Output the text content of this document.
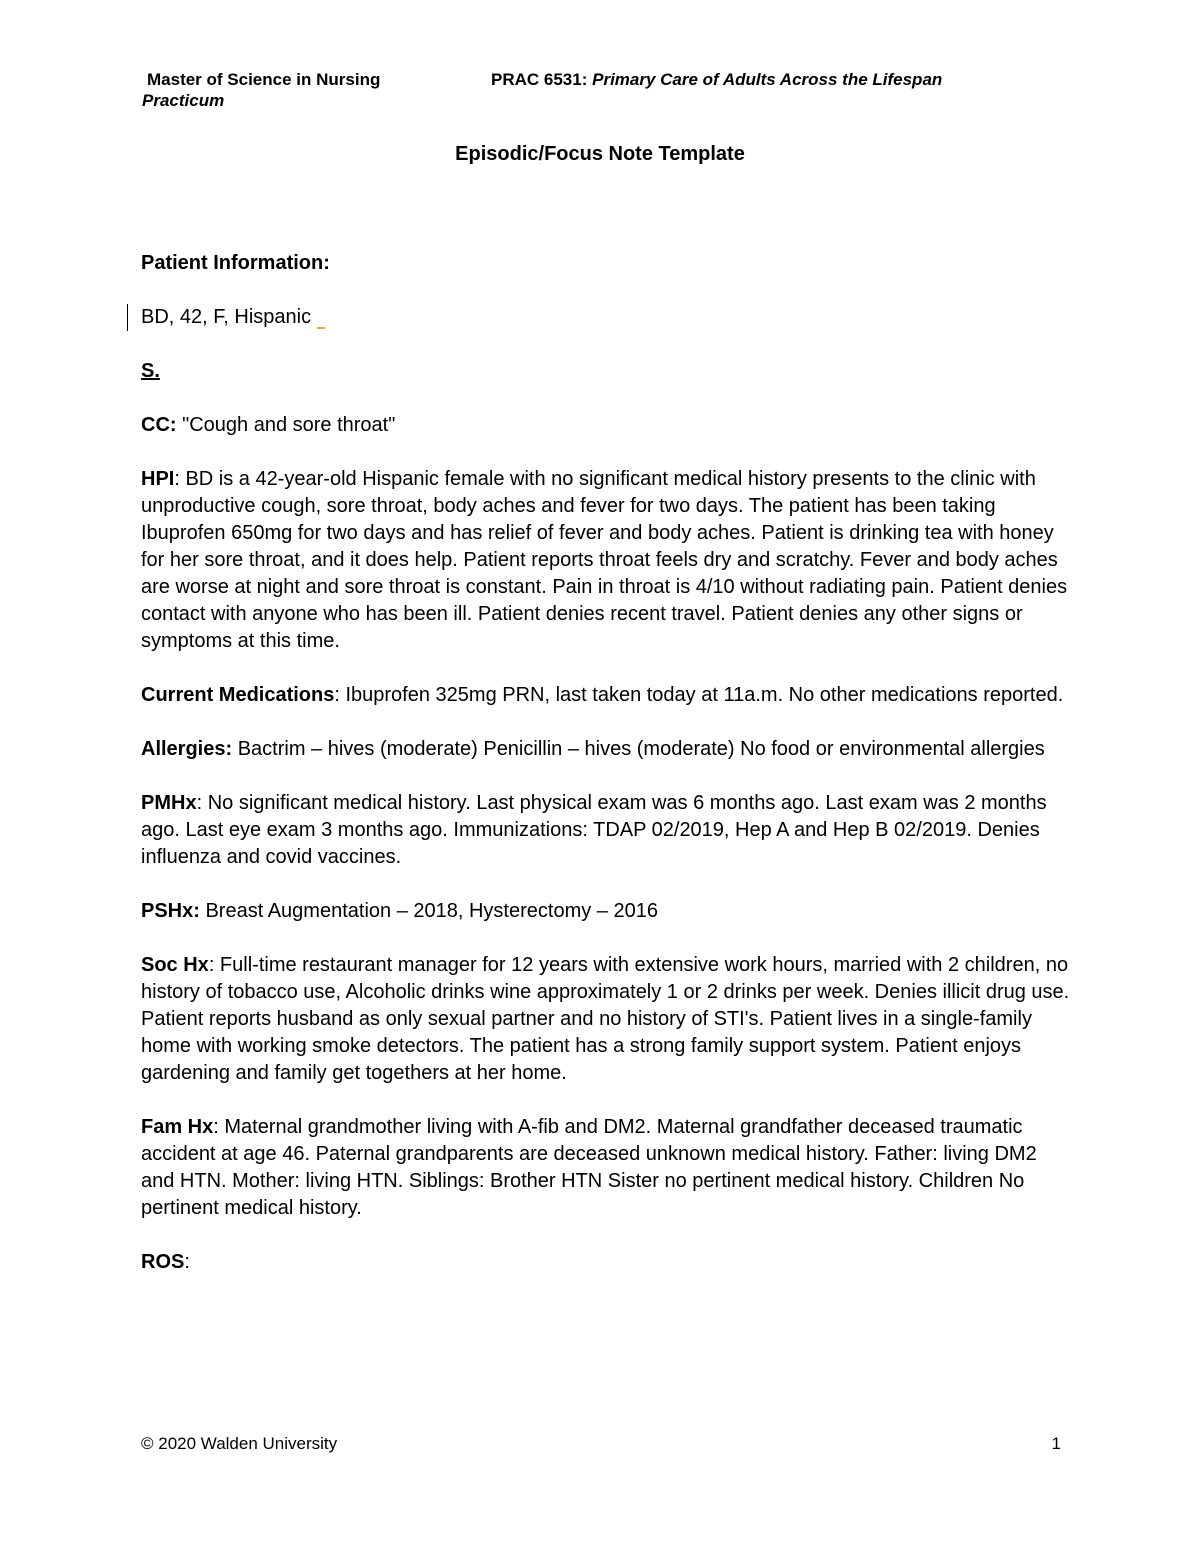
Master of Science in Nursing
Practicum
PRAC 6531: Primary Care of Adults Across the Lifespan
Episodic/Focus Note Template

Patient Information:

BD, 42, F, Hispanic

S.

CC: "Cough and sore throat"

HPI: BD is a 42-year-old Hispanic female with no significant medical history presents to the clinic with unproductive cough, sore throat, body aches and fever for two days. The patient has been taking Ibuprofen 650mg for two days and has relief of fever and body aches. Patient is drinking tea with honey for her sore throat, and it does help. Patient reports throat feels dry and scratchy. Fever and body aches are worse at night and sore throat is constant. Pain in throat is 4/10 without radiating pain. Patient denies contact with anyone who has been ill. Patient denies recent travel. Patient denies any other signs or symptoms at this time.

Current Medications: Ibuprofen 325mg PRN, last taken today at 11a.m. No other medications reported.

Allergies: Bactrim – hives (moderate) Penicillin – hives (moderate) No food or environmental allergies

PMHx: No significant medical history. Last physical exam was 6 months ago. Last exam was 2 months ago. Last eye exam 3 months ago. Immunizations: TDAP 02/2019, Hep A and Hep B 02/2019. Denies influenza and covid vaccines.

PSHx: Breast Augmentation – 2018, Hysterectomy – 2016

Soc Hx: Full-time restaurant manager for 12 years with extensive work hours, married with 2 children, no history of tobacco use, Alcoholic drinks wine approximately 1 or 2 drinks per week. Denies illicit drug use. Patient reports husband as only sexual partner and no history of STI's. Patient lives in a single-family home with working smoke detectors. The patient has a strong family support system. Patient enjoys gardening and family get togethers at her home.

Fam Hx: Maternal grandmother living with A-fib and DM2. Maternal grandfather deceased traumatic accident at age 46. Paternal grandparents are deceased unknown medical history. Father: living DM2 and HTN. Mother: living HTN. Siblings: Brother HTN Sister no pertinent medical history. Children No pertinent medical history.

ROS:

© 2020 Walden University	1
